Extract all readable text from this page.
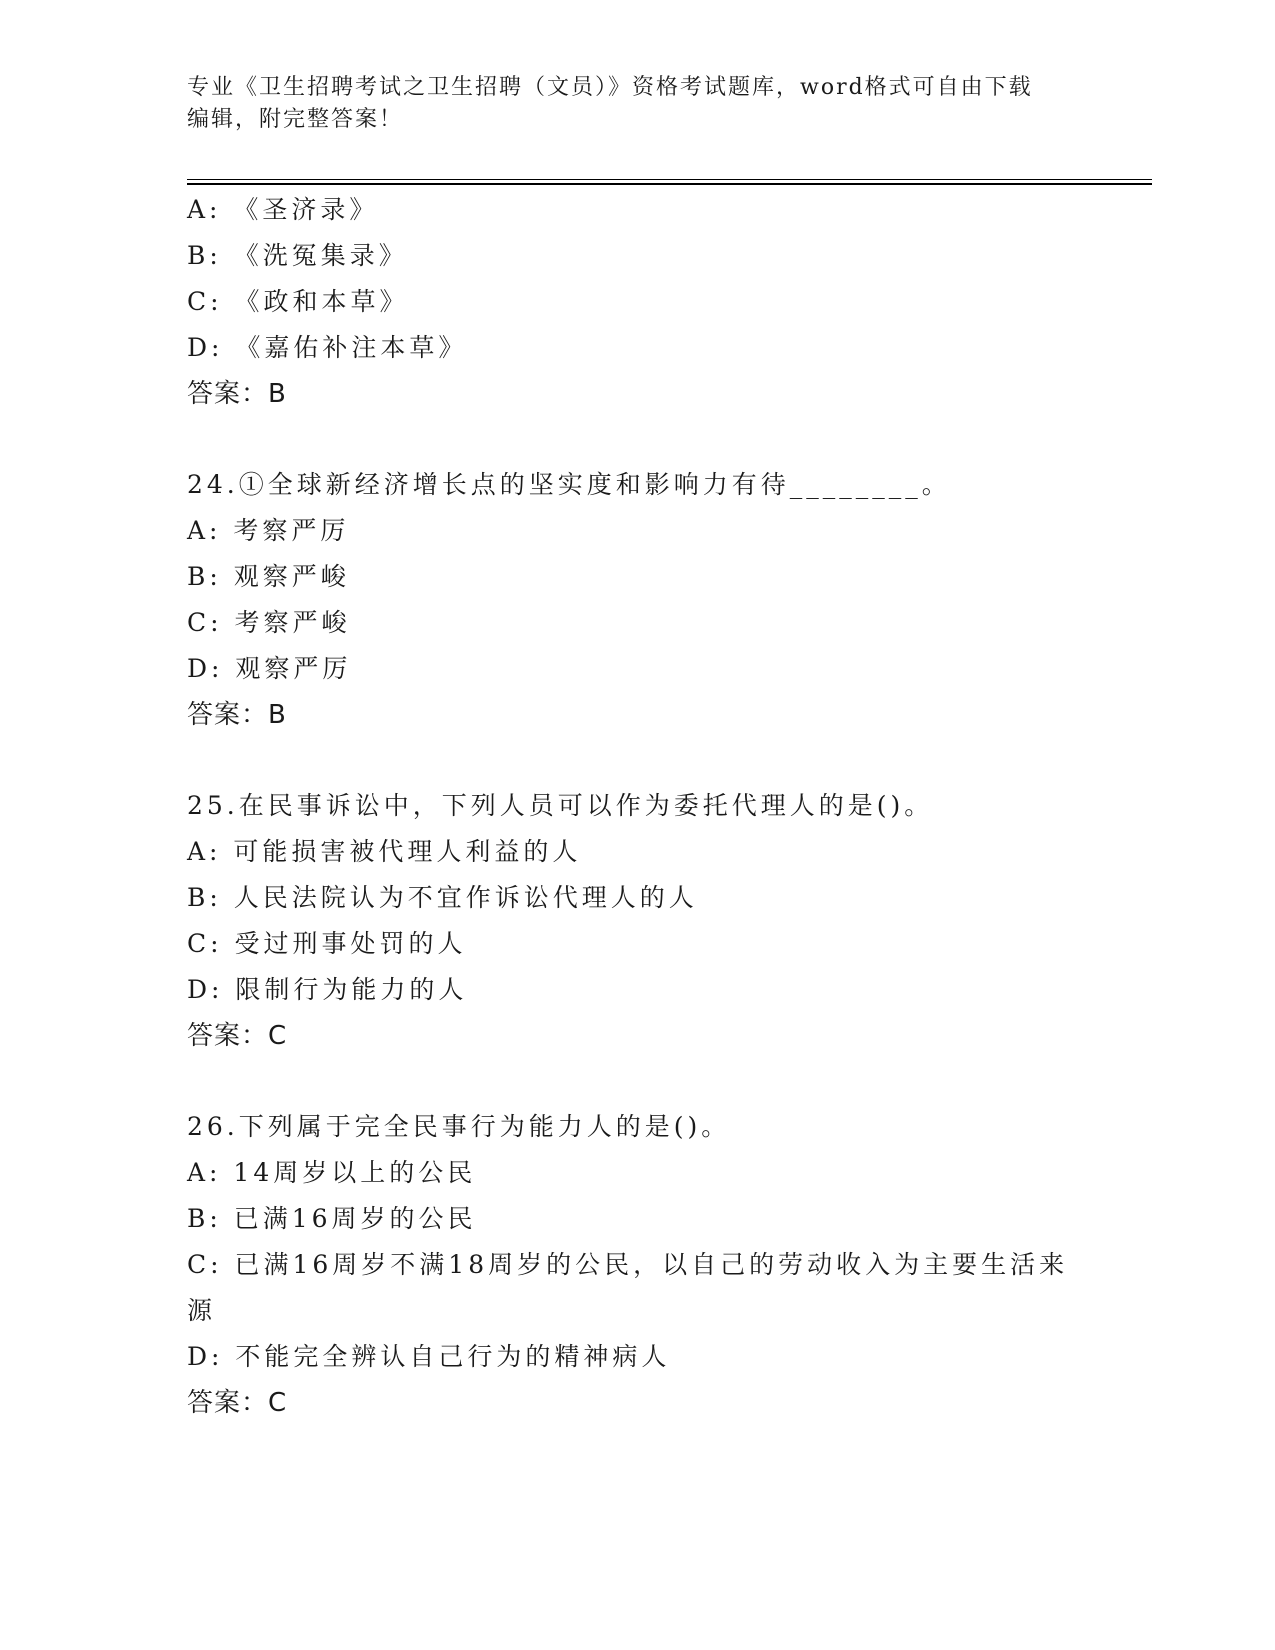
专业《卫生招聘考试之卫生招聘（文员）》资格考试题库，word格式可自由下载
编辑，附完整答案！
A: 《圣济录》
B: 《洗冤集录》
C: 《政和本草》
D: 《嘉佑补注本草》
答案：B
24.①全球新经济增长点的坚实度和影响力有待________。
A: 考察严厉
B: 观察严峻
C: 考察严峻
D: 观察严厉
答案：B
25.在民事诉讼中，下列人员可以作为委托代理人的是()。
A: 可能损害被代理人利益的人
B: 人民法院认为不宜作诉讼代理人的人
C: 受过刑事处罚的人
D: 限制行为能力的人
答案：C
26.下列属于完全民事行为能力人的是()。
A: 14周岁以上的公民
B: 已满16周岁的公民
C: 已满16周岁不满18周岁的公民，以自己的劳动收入为主要生活来
源
D: 不能完全辨认自己行为的精神病人
答案：C
